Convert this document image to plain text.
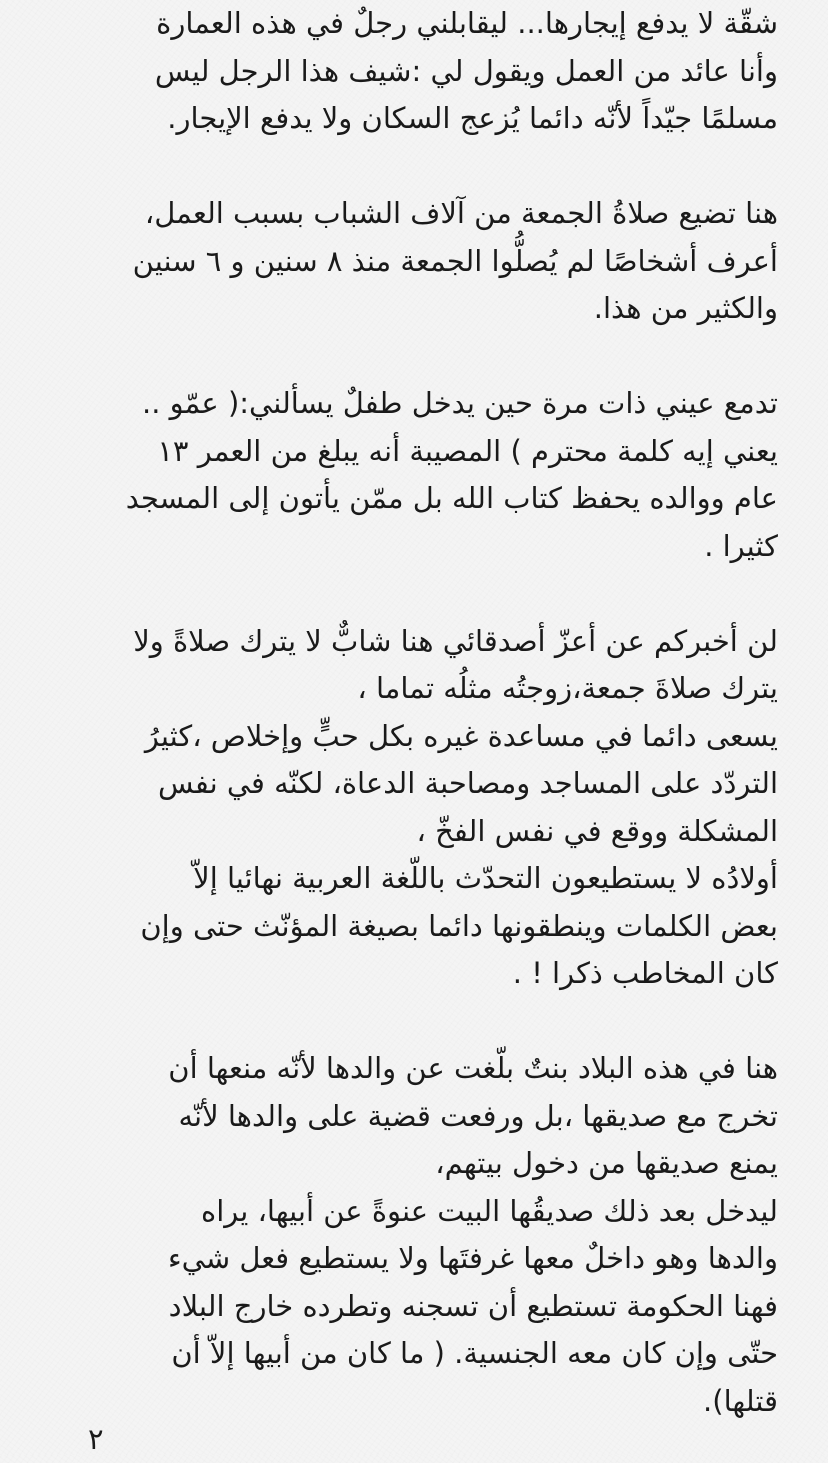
شقّة لا يدفع إيجارها... ليقابلني رجلٌ في هذه العمارة
وأنا عائد من العمل ويقول لي :شيف هذا الرجل ليس
مسلمًا جيّداً لأنّه دائما يُزعج السكان ولا يدفع الإيجار.
هنا تضيع صلاةُ الجمعة من آلاف الشباب بسبب العمل،
أعرف أشخاصًا لم يُصلُّوا الجمعة منذ ٨ سنين و ٦ سنين
والكثير من هذا.
تدمع عيني ذات مرة حين يدخل طفلٌ يسألني:( عمّو ..
يعني إيه كلمة محترم ) المصيبة أنه يبلغ من العمر ١٣
عام ووالده يحفظ كتاب الله بل ممّن يأتون إلى المسجد
كثيرا .
لن أخبركم عن أعزّ أصدقائي هنا شابٌّ لا يترك صلاةً ولا
يترك صلاةَ جمعة،زوجتُه مثلُه تماما ،
يسعى دائما في مساعدة غيره بكل حبٍّ وإخلاص ،كثيرُ
التردّد على المساجد ومصاحبة الدعاة، لكنّه في نفس
المشكلة ووقع في نفس الفخّ ،
أولادُه لا يستطيعون التحدّث باللّغة العربية نهائيا إلاّ
بعض الكلمات وينطقونها دائما بصيغة المؤنّث حتى وإن
كان المخاطب ذكرا ! .
هنا في هذه البلاد بنتٌ بلّغت عن والدها لأنّه منعها أن
تخرج مع صديقها ،بل ورفعت قضية على والدها لأنّه
يمنع صديقها من دخول بيتهم،
ليدخل بعد ذلك صديقُها البيت عنوةً عن أبيها، يراه
والدها وهو داخلٌ معها غرفتَها ولا يستطيع فعل شيء
فهنا الحكومة تستطيع أن تسجنه وتطرده خارج البلاد
حتّى وإن كان معه الجنسية. ( ما كان من أبيها إلاّ أن
قتلها).
٢
